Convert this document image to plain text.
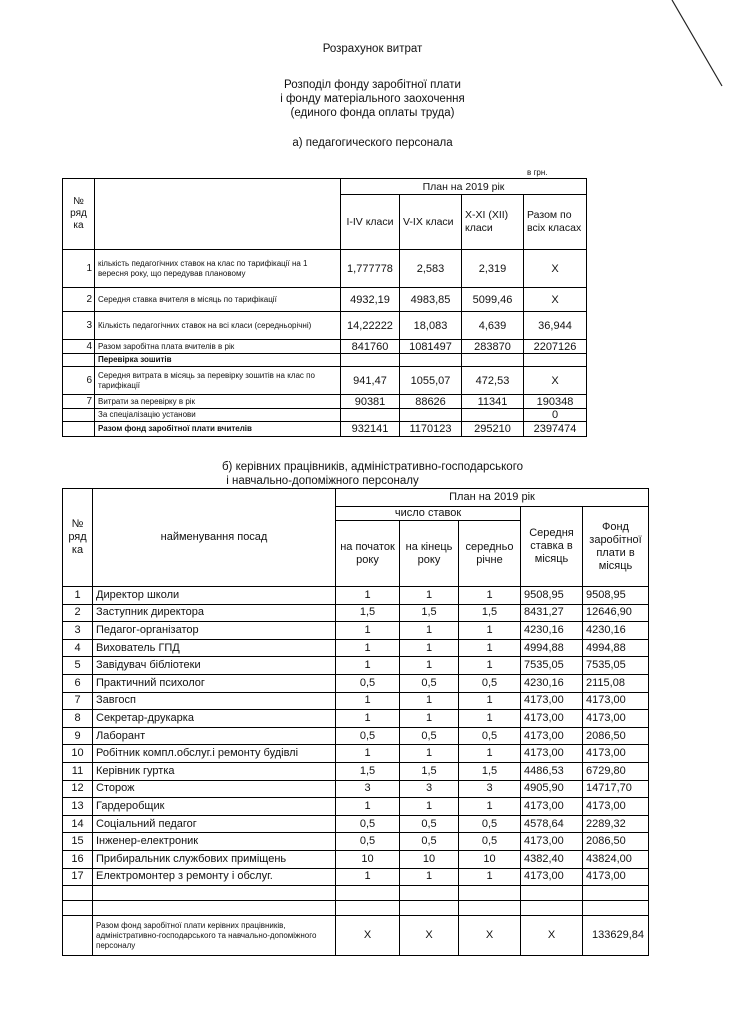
Розрахунок витрат
Розподіл фонду заробітної плати
і фонду матеріального заохочення
(единого фонда оплаты труда)
а) педагогического персонала
в грн.
№ ряд ка		План на 2019 рік			
		I-IV класи	V-IX класи	X-XI (XII) класи	Разом по всіх класах
1	кількість педагогічних ставок на клас по тарифікації на 1 вересня року, що передував плановому	1,777778	2,583	2,319	Х
2	Середня ставка вчителя в місяць по тарифікації	4932,19	4983,85	5099,46	Х
3	Кількість педагогічних ставок на всі класи (середньорічні)	14,22222	18,083	4,639	36,944
4	Разом заробітна плата вчителів в рік	841760	1081497	283870	2207126
	Перевірка зошитів				
6	Середня витрата в місяць за перевірку зошитів на клас по тарифікації	941,47	1055,07	472,53	Х
7	Витрати за перевірку в рік	90381	88626	11341	190348
	За спеціалізацію установи				0
	Разом фонд заробітної плати вчителів	932141	1170123	295210	2397474
б) керівних працівників, адміністративно-господарського
і навчально-допоміжного персоналу
№ ряд ка	найменування посад	План на 2019 рік				
		число ставок			Середня ставка в місяць	Фонд заробітної плати в місяць
		на початок року	на кінець року	середньо річне		
1	Директор школи	1	1	1	9508,95	9508,95
2	Заступник директора	1,5	1,5	1,5	8431,27	12646,90
3	Педагог-організатор	1	1	1	4230,16	4230,16
4	Вихователь ГПД	1	1	1	4994,88	4994,88
5	Завідувач бібліотеки	1	1	1	7535,05	7535,05
6	Практичний психолог	0,5	0,5	0,5	4230,16	2115,08
7	Завгосп	1	1	1	4173,00	4173,00
8	Секретар-друкарка	1	1	1	4173,00	4173,00
9	Лаборант	0,5	0,5	0,5	4173,00	2086,50
10	Робітник компл.обслуг.і ремонту будівлі	1	1	1	4173,00	4173,00
11	Керівник гуртка	1,5	1,5	1,5	4486,53	6729,80
12	Сторож	3	3	3	4905,90	14717,70
13	Гардеробщик	1	1	1	4173,00	4173,00
14	Соціальний педагог	0,5	0,5	0,5	4578,64	2289,32
15	Інженер-електроник	0,5	0,5	0,5	4173,00	2086,50
16	Прибиральник службових приміщень	10	10	10	4382,40	43824,00
17	Електромонтер з ремонту і обслуг.	1	1	1	4173,00	4173,00

	Разом фонд заробітної плати керівних працівників, адміністративно-господарського та навчально-допоміжного персоналу	Х	Х	Х	Х	133629,84
